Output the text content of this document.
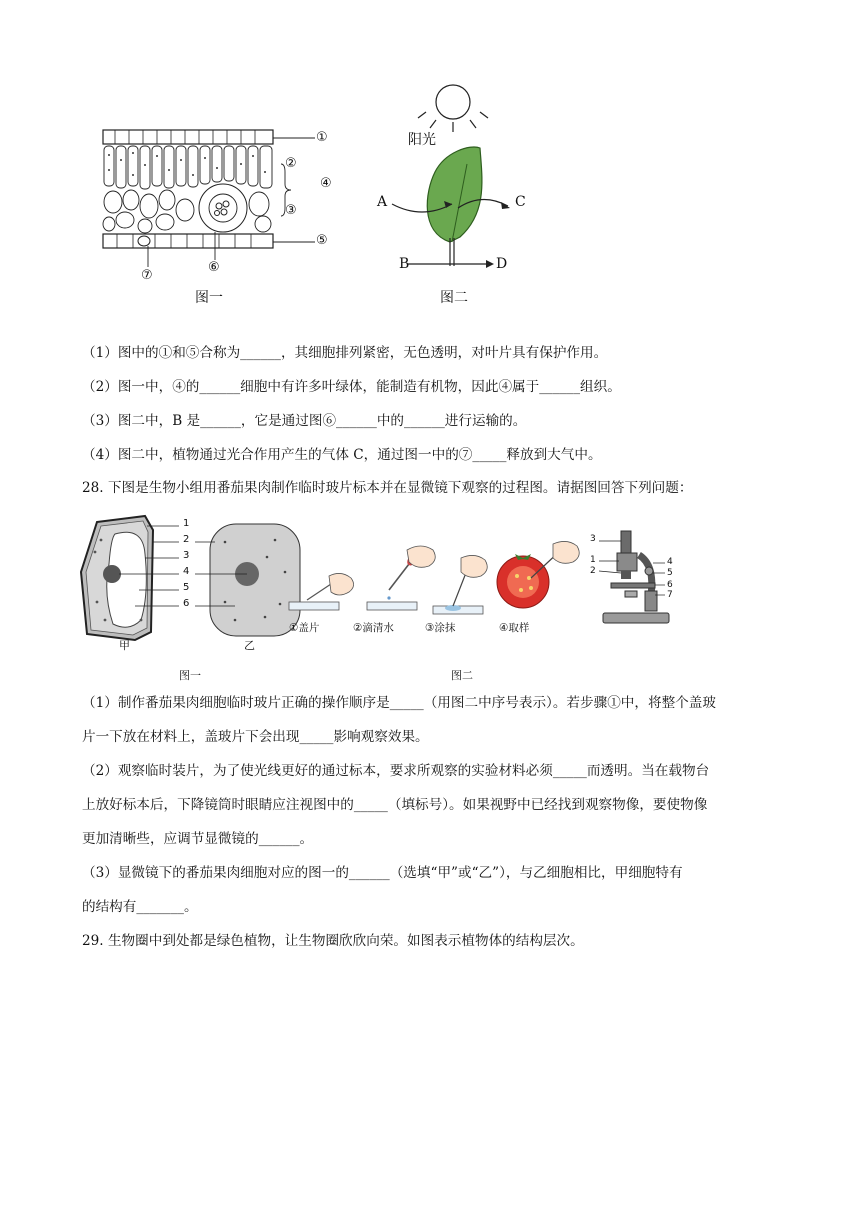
①
②
④
③
⑤
⑥
⑦
图一
阳光
A	C
B	D
图二
（1）图中的①和⑤合称为______，其细胞排列紧密，无色透明，对叶片具有保护作用。
（2）图一中，④的______细胞中有许多叶绿体，能制造有机物，因此④属于______组织。
（3）图二中，B 是______，它是通过图⑥______中的______进行运输的。
（4）图二中，植物通过光合作用产生的气体 C，通过图一中的⑦_____释放到大气中。
28. 下图是生物小组用番茄果肉制作临时玻片标本并在显微镜下观察的过程图。请据图回答下列问题：
1
2
3
4
5
6
甲	乙
图一
①盖片	②滴清水	③涂抹	④取样
图二
3
1
2
4
5
6
7
（1）制作番茄果肉细胞临时玻片正确的操作顺序是_____（用图二中序号表示）。若步骤①中，将整个盖玻
片一下放在材料上，盖玻片下会出现_____影响观察效果。
（2）观察临时装片，为了使光线更好的通过标本，要求所观察的实验材料必须_____而透明。当在载物台
上放好标本后，下降镜筒时眼睛应注视图中的_____（填标号）。如果视野中已经找到观察物像，要使物像
更加清晰些，应调节显微镜的______。
（3）显微镜下的番茄果肉细胞对应的图一的______（选填“甲”或“乙”），与乙细胞相比，甲细胞特有
的结构有_______。
29. 生物圈中到处都是绿色植物，让生物圈欣欣向荣。如图表示植物体的结构层次。
